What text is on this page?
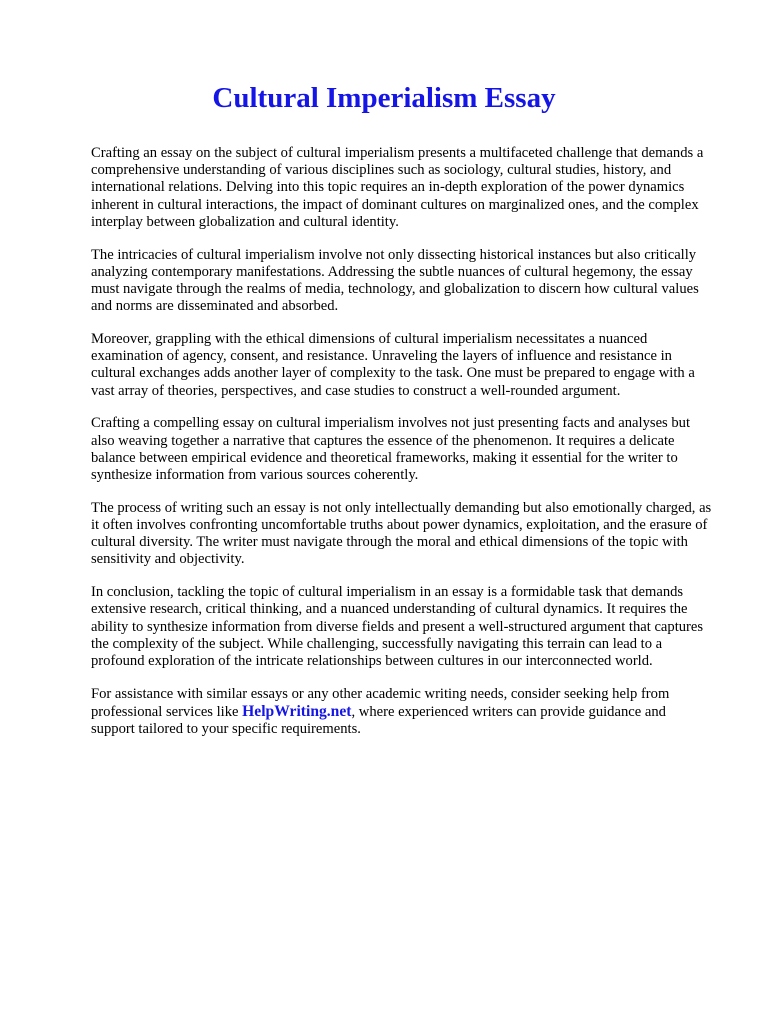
Cultural Imperialism Essay

Crafting an essay on the subject of cultural imperialism presents a multifaceted challenge that demands a comprehensive understanding of various disciplines such as sociology, cultural studies, history, and international relations. Delving into this topic requires an in-depth exploration of the power dynamics inherent in cultural interactions, the impact of dominant cultures on marginalized ones, and the complex interplay between globalization and cultural identity.

The intricacies of cultural imperialism involve not only dissecting historical instances but also critically analyzing contemporary manifestations. Addressing the subtle nuances of cultural hegemony, the essay must navigate through the realms of media, technology, and globalization to discern how cultural values and norms are disseminated and absorbed.

Moreover, grappling with the ethical dimensions of cultural imperialism necessitates a nuanced examination of agency, consent, and resistance. Unraveling the layers of influence and resistance in cultural exchanges adds another layer of complexity to the task. One must be prepared to engage with a vast array of theories, perspectives, and case studies to construct a well-rounded argument.

Crafting a compelling essay on cultural imperialism involves not just presenting facts and analyses but also weaving together a narrative that captures the essence of the phenomenon. It requires a delicate balance between empirical evidence and theoretical frameworks, making it essential for the writer to synthesize information from various sources coherently.

The process of writing such an essay is not only intellectually demanding but also emotionally charged, as it often involves confronting uncomfortable truths about power dynamics, exploitation, and the erasure of cultural diversity. The writer must navigate through the moral and ethical dimensions of the topic with sensitivity and objectivity.

In conclusion, tackling the topic of cultural imperialism in an essay is a formidable task that demands extensive research, critical thinking, and a nuanced understanding of cultural dynamics. It requires the ability to synthesize information from diverse fields and present a well-structured argument that captures the complexity of the subject. While challenging, successfully navigating this terrain can lead to a profound exploration of the intricate relationships between cultures in our interconnected world.

For assistance with similar essays or any other academic writing needs, consider seeking help from professional services like HelpWriting.net, where experienced writers can provide guidance and support tailored to your specific requirements.
